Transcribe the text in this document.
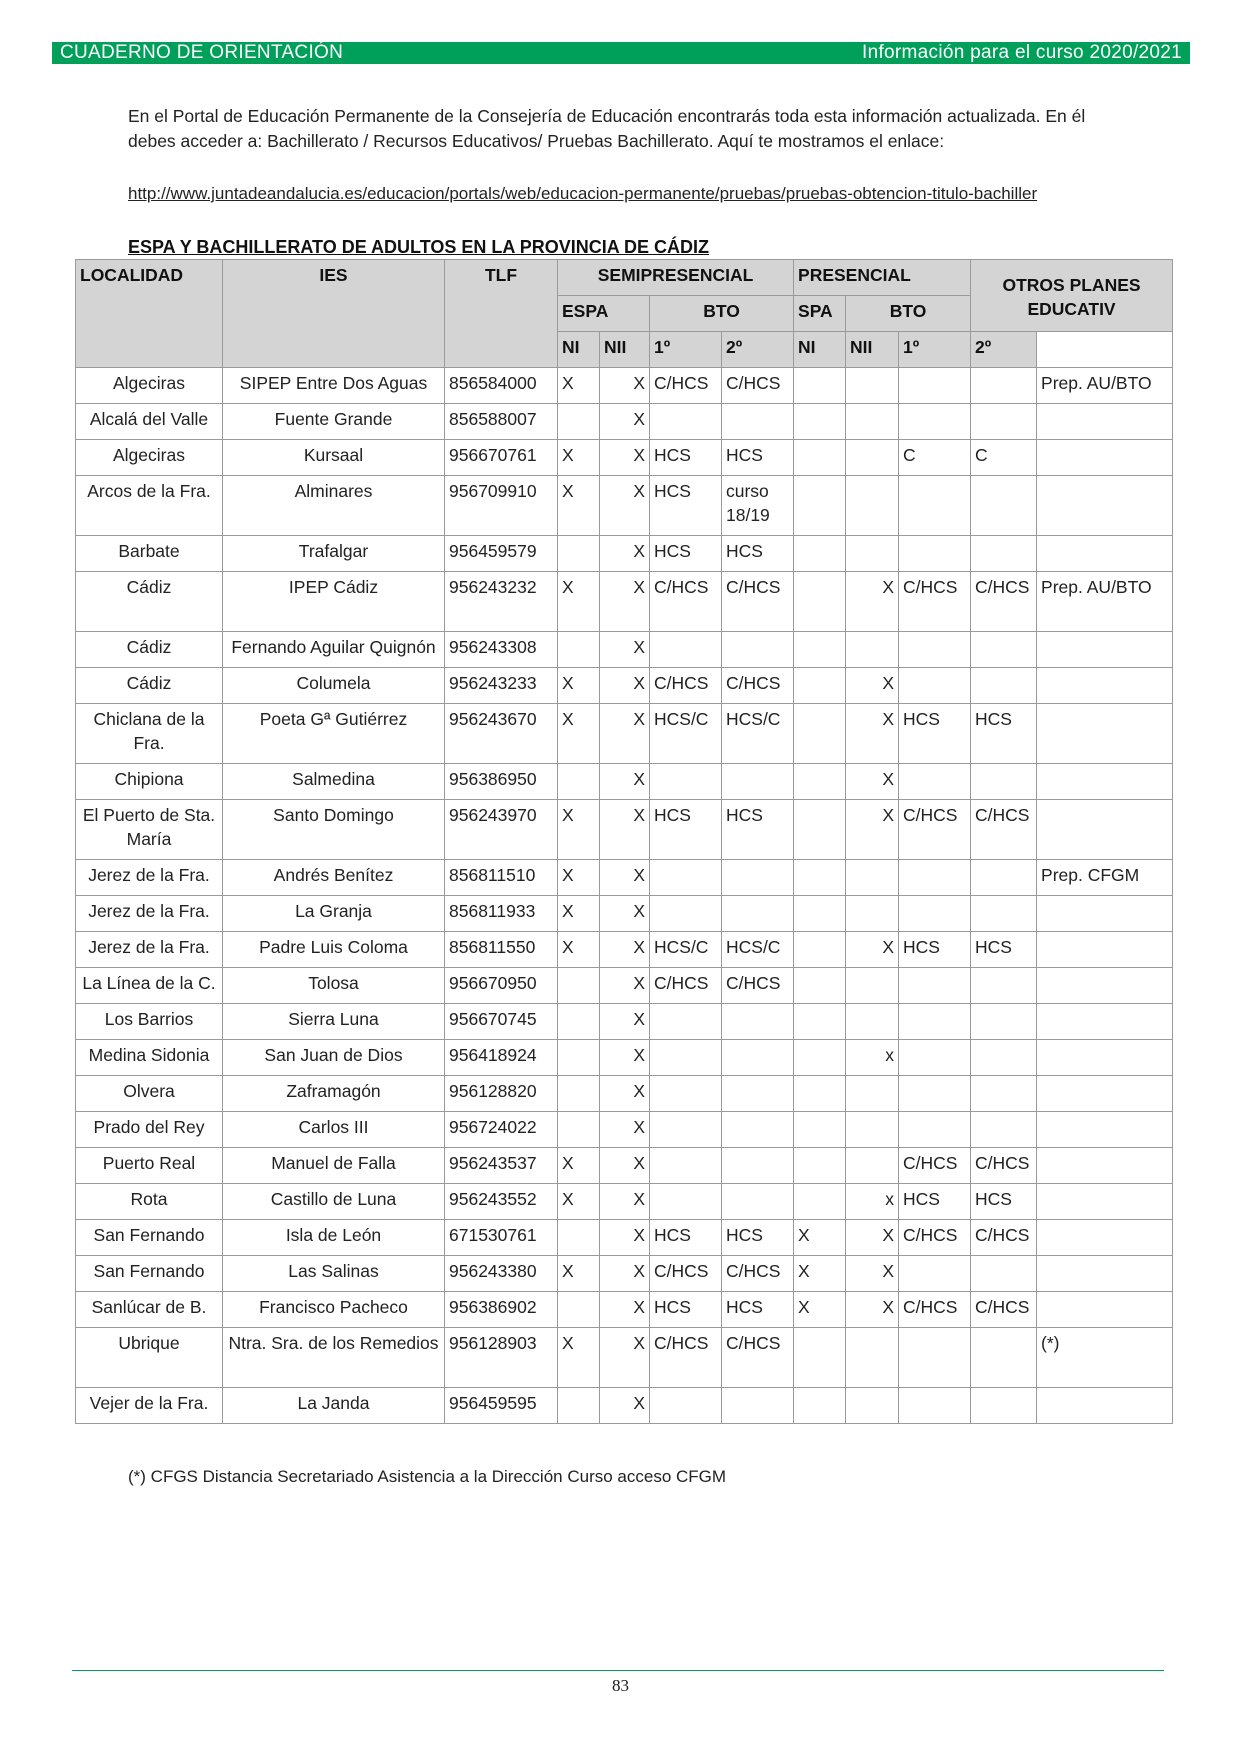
CUADERNO DE ORIENTACIÓN	Información para el curso 2020/2021
En el Portal de Educación Permanente de la Consejería de Educación encontrarás toda esta información actualizada. En él debes acceder a: Bachillerato / Recursos Educativos/ Pruebas Bachillerato. Aquí te mostramos el enlace:
http://www.juntadeandalucia.es/educacion/portals/web/educacion-permanente/pruebas/pruebas-obtencion-titulo-bachiller
ESPA Y BACHILLERATO DE ADULTOS EN LA PROVINCIA DE CÁDIZ
LOCALIDAD	IES	TLF	SEMIPRESENCIAL				PRESENCIAL			OTROS PLANES EDUCATIV	
			ESPA		BTO		SPA	BTO			
			NI	NII	1º	2º	NI	NII	1º	2º	
Algeciras	SIPEP Entre Dos Aguas	856584000	X	X	C/HCS	C/HCS					Prep. AU/BTO
Alcalá del Valle	Fuente Grande	856588007		X							
Algeciras	Kursaal	956670761	X	X	HCS	HCS			C	C	
Arcos de la Fra.	Alminares	956709910	X	X	HCS	curso 18/19					
Barbate	Trafalgar	956459579		X	HCS	HCS					
Cádiz	IPEP Cádiz	956243232	X	X	C/HCS	C/HCS		X	C/HCS	C/HCS	Prep. AU/BTO
Cádiz	Fernando Aguilar Quignón	956243308		X							
Cádiz	Columela	956243233	X	X	C/HCS	C/HCS		X			
Chiclana de la Fra.	Poeta Gª Gutiérrez	956243670	X	X	HCS/C	HCS/C		X	HCS	HCS	
Chipiona	Salmedina	956386950		X				X			
El Puerto de Sta. María	Santo Domingo	956243970	X	X	HCS	HCS		X	C/HCS	C/HCS	
Jerez de la Fra.	Andrés Benítez	856811510	X	X							Prep. CFGM
Jerez de la Fra.	La Granja	856811933	X	X							
Jerez de la Fra.	Padre Luis Coloma	856811550	X	X	HCS/C	HCS/C		X	HCS	HCS	
La Línea de la C.	Tolosa	956670950		X	C/HCS	C/HCS					
Los Barrios	Sierra Luna	956670745		X							
Medina Sidonia	San Juan de Dios	956418924		X				x			
Olvera	Zaframagón	956128820		X							
Prado del Rey	Carlos III	956724022		X							
Puerto Real	Manuel de Falla	956243537	X	X					C/HCS	C/HCS	
Rota	Castillo de Luna	956243552	X	X				x	HCS	HCS	
San Fernando	Isla de León	671530761		X	HCS	HCS	X	X	C/HCS	C/HCS	
San Fernando	Las Salinas	956243380	X	X	C/HCS	C/HCS	X	X			
Sanlúcar de B.	Francisco Pacheco	956386902		X	HCS	HCS	X	X	C/HCS	C/HCS	
Ubrique	Ntra. Sra. de los Remedios	956128903	X	X	C/HCS	C/HCS					(*)
Vejer de la Fra.	La Janda	956459595		X							
(*) CFGS Distancia Secretariado Asistencia a la Dirección Curso acceso CFGM
83
